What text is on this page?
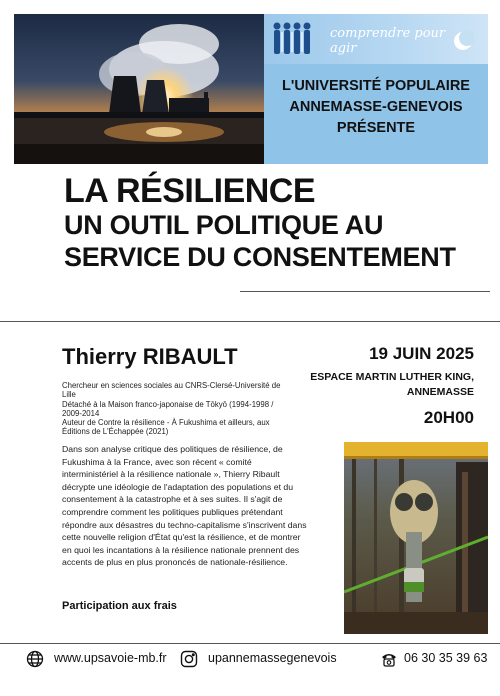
comprendre pour agir
L'UNIVERSITÉ POPULAIRE
ANNEMASSE-GENEVOIS
PRÉSENTE
LA RÉSILIENCE
UN OUTIL POLITIQUE AU
SERVICE DU CONSENTEMENT
Thierry RIBAULT

Chercheur en sciences sociales au CNRS-Clersé-Université de Lille

Détaché à la Maison franco-japonaise de Tōkyō (1994-1998 / 2009-2014

Auteur de Contre la résilience - À Fukushima et ailleurs, aux Éditions de L'Échappée (2021)

Dans son analyse critique des politiques de résilience, de Fukushima à la France, avec son récent « comité interministériel à la résilience nationale », Thierry Ribault décrypte une idéologie de l'adaptation des populations et du consentement à la catastrophe et à ses suites. Il s'agit de comprendre comment les politiques publiques prétendant répondre aux désastres du techno-capitalisme s'inscrivent dans cette nouvelle religion d'État qu'est la résilience, et de montrer en quoi les incantations à la résilience nationale prennent des accents de plus en plus prononcés de nationale-résilience.
Participation aux frais
19 JUIN 2025
ESPACE MARTIN LUTHER KING,
ANNEMASSE
20H00
www.upsavoie-mb.fr	upannemassegenevois	06 30 35 39 63
